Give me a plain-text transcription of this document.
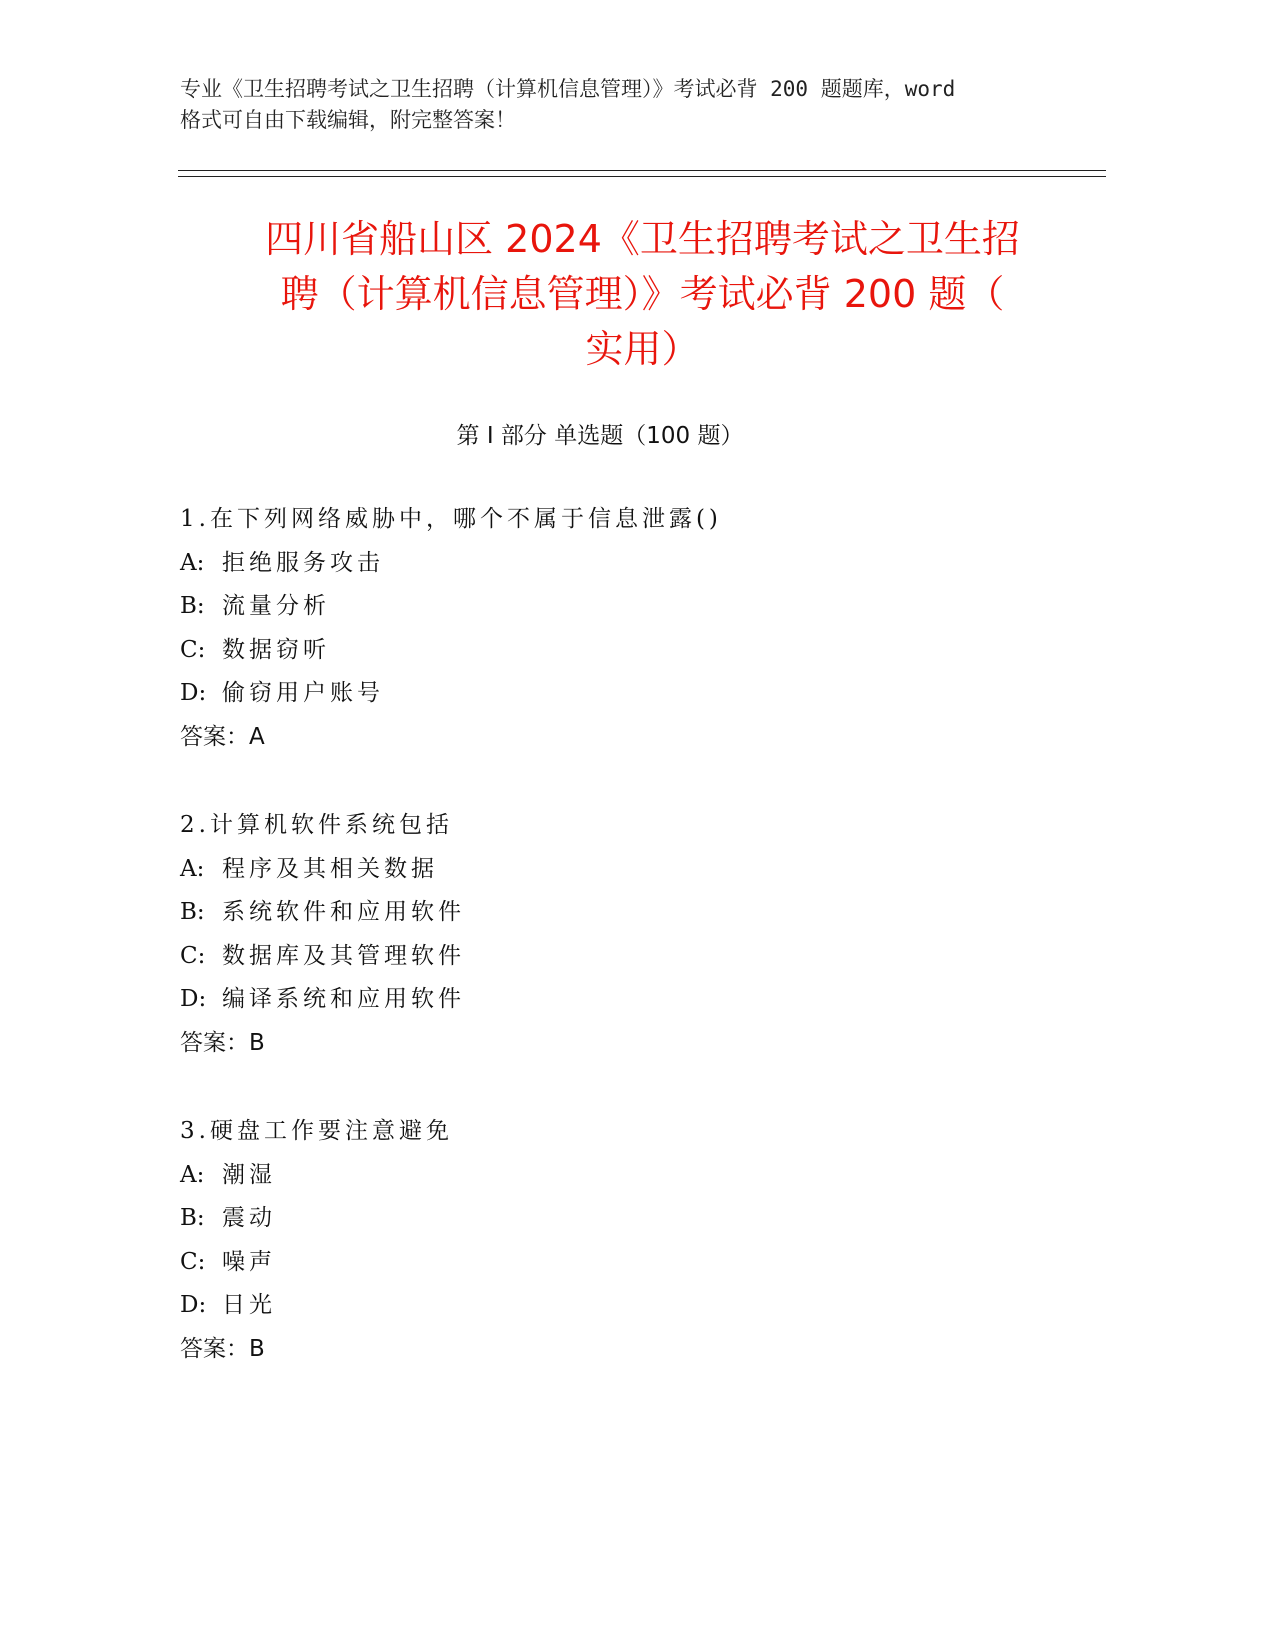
专业《卫生招聘考试之卫生招聘（计算机信息管理）》考试必背 200 题题库，word
格式可自由下载编辑，附完整答案！
四川省船山区 2024《卫生招聘考试之卫生招
聘（计算机信息管理）》考试必背 200 题（
实用）
第 I 部分 单选题（100 题）
1.在下列网络威胁中，哪个不属于信息泄露()
A: 拒绝服务攻击
B: 流量分析
C: 数据窃听
D: 偷窃用户账号
答案：A
2.计算机软件系统包括
A: 程序及其相关数据
B: 系统软件和应用软件
C: 数据库及其管理软件
D: 编译系统和应用软件
答案：B
3.硬盘工作要注意避免
A: 潮湿
B: 震动
C: 噪声
D: 日光
答案：B
